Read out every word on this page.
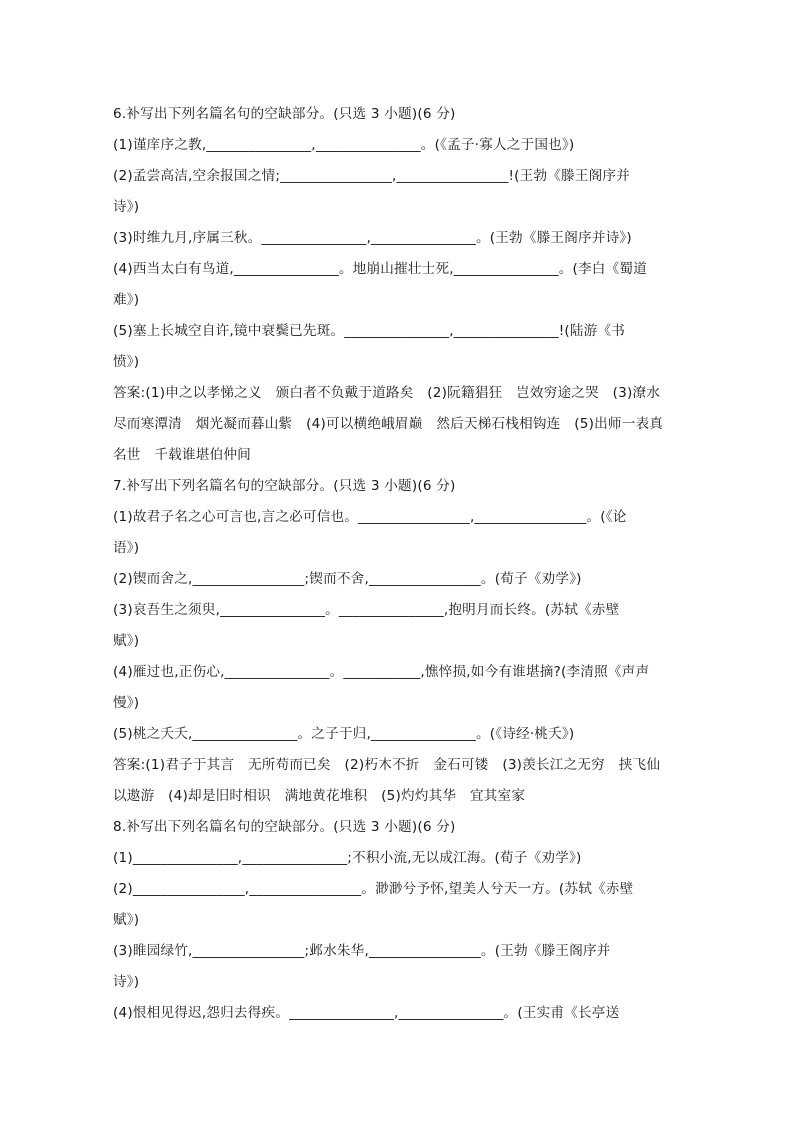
6.补写出下列名篇名句的空缺部分。(只选 3 小题)(6 分)
(1)谨庠序之教,_______________,_______________。(《孟子·寡人之于国也》)
(2)孟尝高洁,空余报国之情;________________,________________!(王勃《滕王阁序并
诗》)
(3)时维九月,序属三秋。_______________,_______________。(王勃《滕王阁序并诗》)
(4)西当太白有鸟道,_______________。地崩山摧壮士死,_______________。(李白《蜀道
难》)
(5)塞上长城空自许,镜中衰鬓已先斑。_______________,_______________!(陆游《书
愤》)
答案:(1)申之以孝悌之义　颁白者不负戴于道路矣　(2)阮籍猖狂　岂效穷途之哭　(3)潦水
尽而寒潭清　烟光凝而暮山紫　(4)可以横绝峨眉巅　然后天梯石栈相钩连　(5)出师一表真
名世　千载谁堪伯仲间
7.补写出下列名篇名句的空缺部分。(只选 3 小题)(6 分)
(1)故君子名之心可言也,言之必可信也。________________,________________。(《论
语》)
(2)锲而舍之,________________;锲而不舍,________________。(荀子《劝学》)
(3)哀吾生之须臾,_______________。_______________,抱明月而长终。(苏轼《赤壁
赋》)
(4)雁过也,正伤心,_______________。___________,憔悴损,如今有谁堪摘?(李清照《声声
慢》)
(5)桃之夭夭,_______________。之子于归,_______________。(《诗经·桃夭》)
答案:(1)君子于其言　无所苟而已矣　(2)朽木不折　金石可镂　(3)羡长江之无穷　挟飞仙
以遨游　(4)却是旧时相识　满地黄花堆积　(5)灼灼其华　宜其室家
8.补写出下列名篇名句的空缺部分。(只选 3 小题)(6 分)
(1)_______________,_______________;不积小流,无以成江海。(荀子《劝学》)
(2)________________,________________。渺渺兮予怀,望美人兮天一方。(苏轼《赤壁
赋》)
(3)睢园绿竹,________________;邺水朱华,________________。(王勃《滕王阁序并
诗》)
(4)恨相见得迟,怨归去得疾。_______________,_______________。(王实甫《长亭送
